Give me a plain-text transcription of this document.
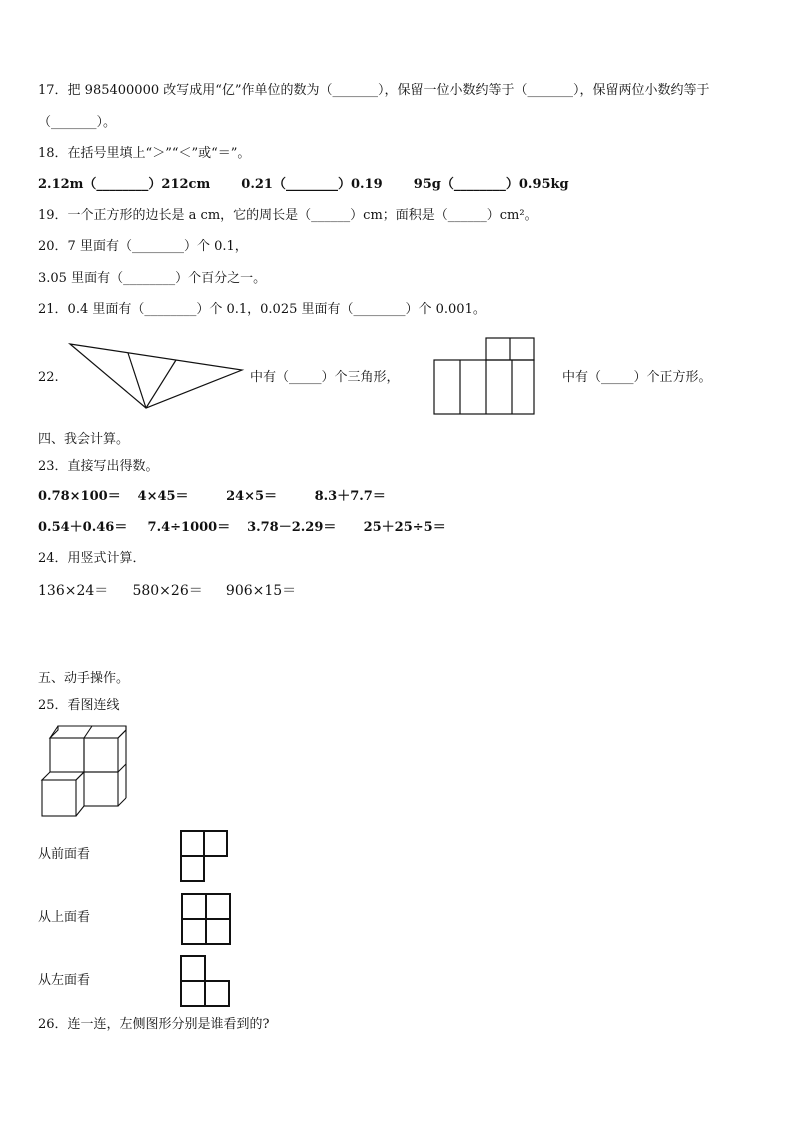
17．把 985400000 改写成用“亿”作单位的数为（_______），保留一位小数约等于（_______），保留两位小数约等于
（_______）。
18．在括号里填上“＞”“＜”或“＝”。
2.12m（________）212cm 0.21（________）0.19 95g（________）0.95kg
19．一个正方形的边长是 a cm，它的周长是（______）cm；面积是（______）cm²。
20．7 里面有（________）个 0.1，
3.05 里面有（________）个百分之一。
21．0.4 里面有（________）个 0.1，0.025 里面有（________）个 0.001。
22.	中有（_____）个三角形，	中有（_____）个正方形。
四、我会计算。
23．直接写出得数。
0.78×100＝ 4×45＝	24×5＝	8.3＋7.7＝
0.54＋0.46＝ 7.4÷1000＝ 3.78－2.29＝ 25＋25÷5＝
24．用竖式计算．
136×24＝ 580×26＝ 906×15＝
五、动手操作。
25．看图连线
从前面看
从上面看
从左面看
26．连一连，左侧图形分别是谁看到的?
